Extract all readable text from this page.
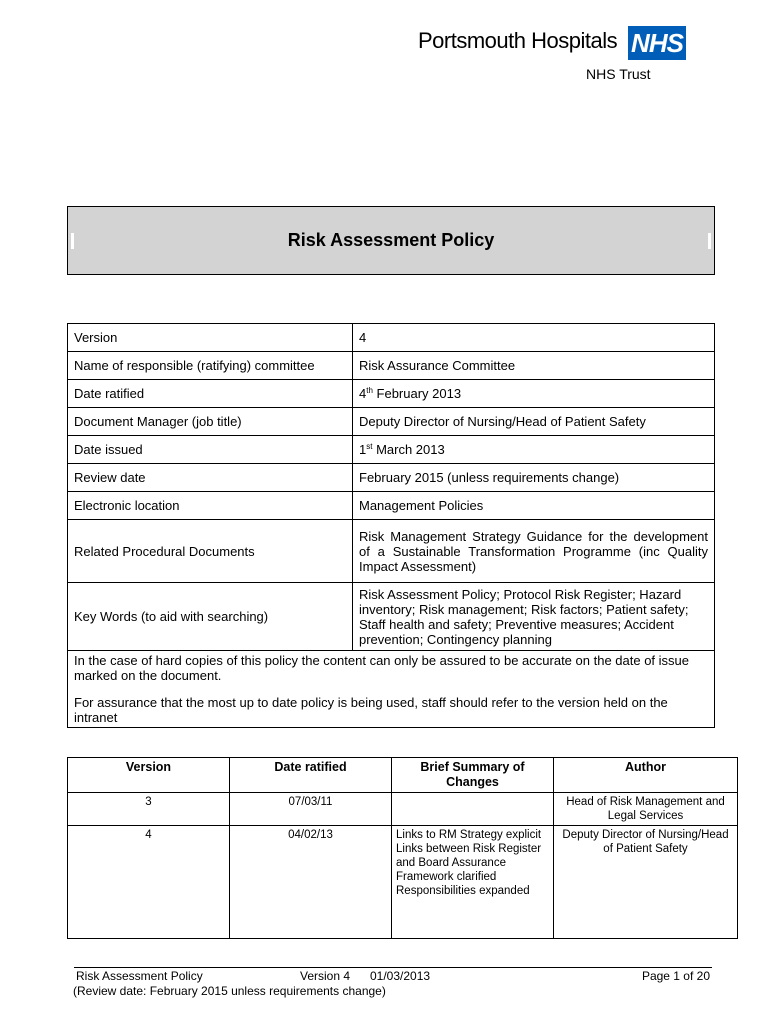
Portsmouth Hospitals NHS
NHS Trust
Risk Assessment Policy
Version	4
Name of responsible (ratifying) committee	Risk Assurance Committee
Date ratified	4th February 2013
Document Manager (job title)	Deputy Director of Nursing/Head of Patient Safety
Date issued	1st March 2013
Review date	February 2015 (unless requirements change)
Electronic location	Management Policies
Related Procedural Documents	Risk Management Strategy Guidance for the development of a Sustainable Transformation Programme (inc Quality Impact Assessment)
Key Words (to aid with searching)	Risk Assessment Policy; Protocol Risk Register; Hazard inventory; Risk management; Risk factors; Patient safety; Staff health and safety; Preventive measures; Accident prevention; Contingency planning

In the case of hard copies of this policy the content can only be assured to be accurate on the date of issue marked on the document.

For assurance that the most up to date policy is being used, staff should refer to the version held on the intranet	

Version	Date ratified	Brief Summary of Changes	Author
3	07/03/11		Head of Risk Management and Legal Services
4	04/02/13	Links to RM Strategy explicit
Links between Risk Register and Board Assurance Framework clarified
Responsibilities expanded	Deputy Director of Nursing/Head of Patient Safety
Risk Assessment Policy	Version 4 01/03/2013	Page 1 of 20
(Review date: February 2015 unless requirements change)
